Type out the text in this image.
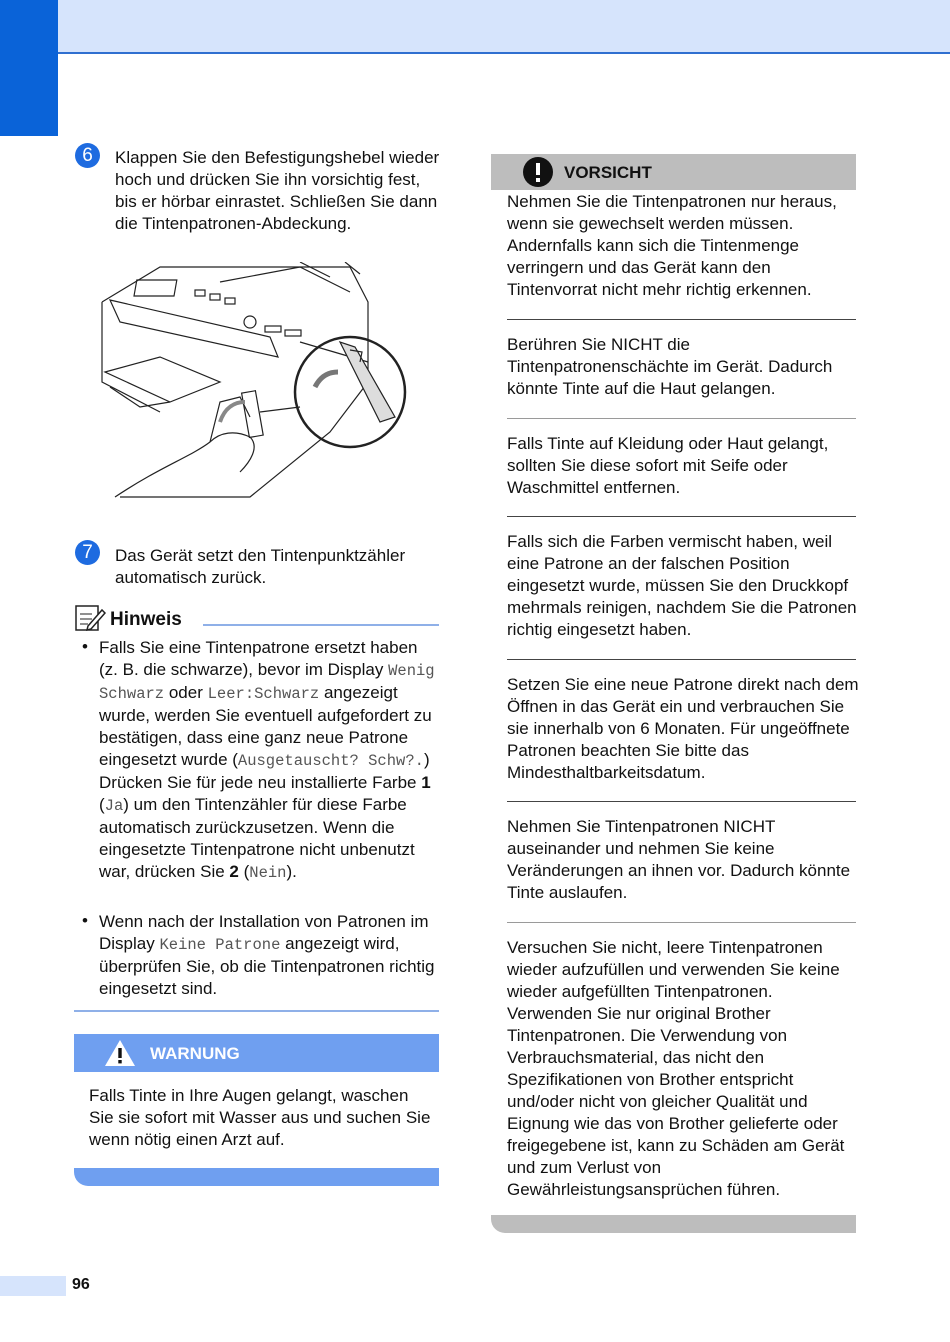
6	Klappen Sie den Befestigungshebel wieder hoch und drücken Sie ihn vorsichtig fest, bis er hörbar einrastet. Schließen Sie dann die Tintenpatronen-Abdeckung.

7	Das Gerät setzt den Tintenpunktzähler automatisch zurück.

Hinweis
• Falls Sie eine Tintenpatrone ersetzt haben (z. B. die schwarze), bevor im Display Wenig Schwarz oder Leer:Schwarz angezeigt wurde, werden Sie eventuell aufgefordert zu bestätigen, dass eine ganz neue Patrone eingesetzt wurde (Ausgetauscht? Schw?.) Drücken Sie für jede neu installierte Farbe 1 (Ja) um den Tintenzähler für diese Farbe automatisch zurückzusetzen. Wenn die eingesetzte Tintenpatrone nicht unbenutzt war, drücken Sie 2 (Nein).

• Wenn nach der Installation von Patronen im Display Keine Patrone angezeigt wird, überprüfen Sie, ob die Tintenpatronen richtig eingesetzt sind.

WARNUNG

Falls Tinte in Ihre Augen gelangt, waschen Sie sie sofort mit Wasser aus und suchen Sie wenn nötig einen Arzt auf.

VORSICHT

Nehmen Sie die Tintenpatronen nur heraus, wenn sie gewechselt werden müssen. Andernfalls kann sich die Tintenmenge verringern und das Gerät kann den Tintenvorrat nicht mehr richtig erkennen.

Berühren Sie NICHT die Tintenpatronenschächte im Gerät. Dadurch könnte Tinte auf die Haut gelangen.

Falls Tinte auf Kleidung oder Haut gelangt, sollten Sie diese sofort mit Seife oder Waschmittel entfernen.

Falls sich die Farben vermischt haben, weil eine Patrone an der falschen Position eingesetzt wurde, müssen Sie den Druckkopf mehrmals reinigen, nachdem Sie die Patronen richtig eingesetzt haben.

Setzen Sie eine neue Patrone direkt nach dem Öffnen in das Gerät ein und verbrauchen Sie sie innerhalb von 6 Monaten. Für ungeöffnete Patronen beachten Sie bitte das Mindesthaltbarkeitsdatum.

Nehmen Sie Tintenpatronen NICHT auseinander und nehmen Sie keine Veränderungen an ihnen vor. Dadurch könnte Tinte auslaufen.

Versuchen Sie nicht, leere Tintenpatronen wieder aufzufüllen und verwenden Sie keine wieder aufgefüllten Tintenpatronen. Verwenden Sie nur original Brother Tintenpatronen. Die Verwendung von Verbrauchsmaterial, das nicht den Spezifikationen von Brother entspricht und/oder nicht von gleicher Qualität und Eignung wie das von Brother gelieferte oder freigegebene ist, kann zu Schäden am Gerät und zum Verlust von Gewährleistungsansprüchen führen.

96
